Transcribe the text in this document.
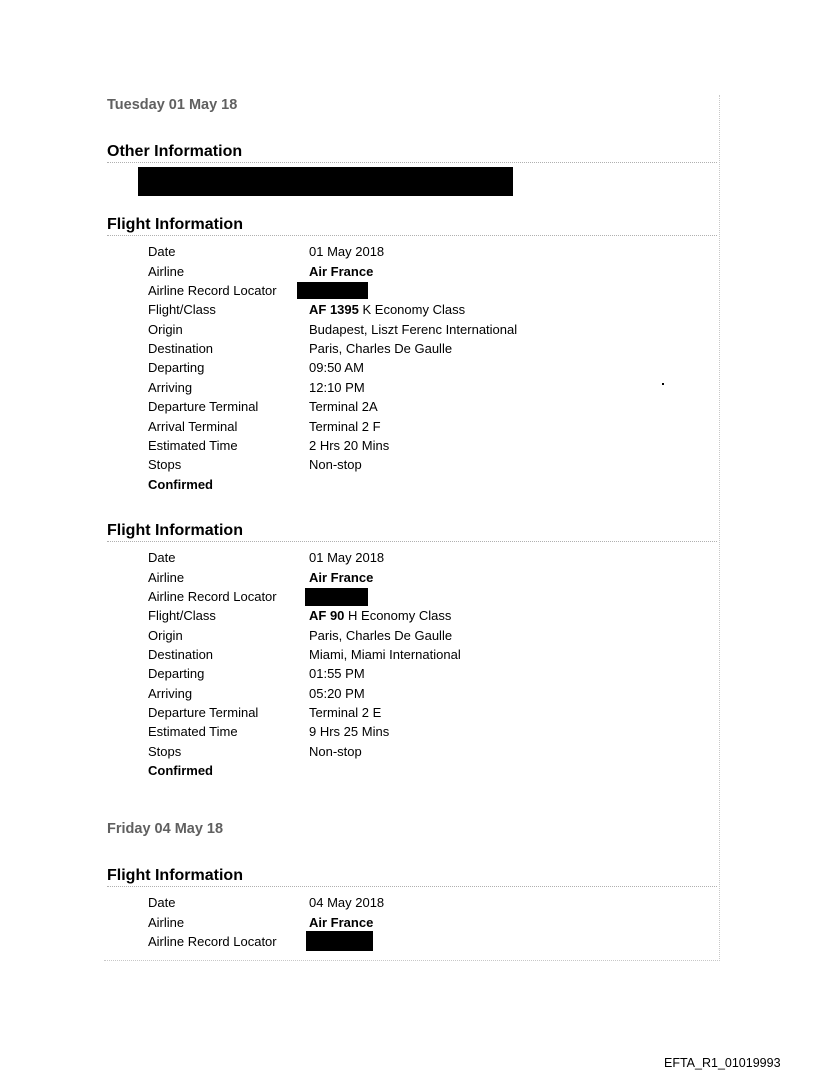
Tuesday 01 May 18
Other Information
Flight Information
Date	01 May 2018
Airline	Air France
Airline Record Locator
Flight/Class	AF 1395 K Economy Class
Origin	Budapest, Liszt Ferenc International
Destination	Paris, Charles De Gaulle
Departing	09:50 AM
Arriving	12:10 PM
Departure Terminal	Terminal 2A
Arrival Terminal	Terminal 2 F
Estimated Time	2 Hrs 20 Mins
Stops	Non-stop
Confirmed
Flight Information
Date	01 May 2018
Airline	Air France
Airline Record Locator
Flight/Class	AF 90 H Economy Class
Origin	Paris, Charles De Gaulle
Destination	Miami, Miami International
Departing	01:55 PM
Arriving	05:20 PM
Departure Terminal	Terminal 2 E
Estimated Time	9 Hrs 25 Mins
Stops	Non-stop
Confirmed
Friday 04 May 18
Flight Information
Date	04 May 2018
Airline	Air France
Airline Record Locator
EFTA_R1_01019993
